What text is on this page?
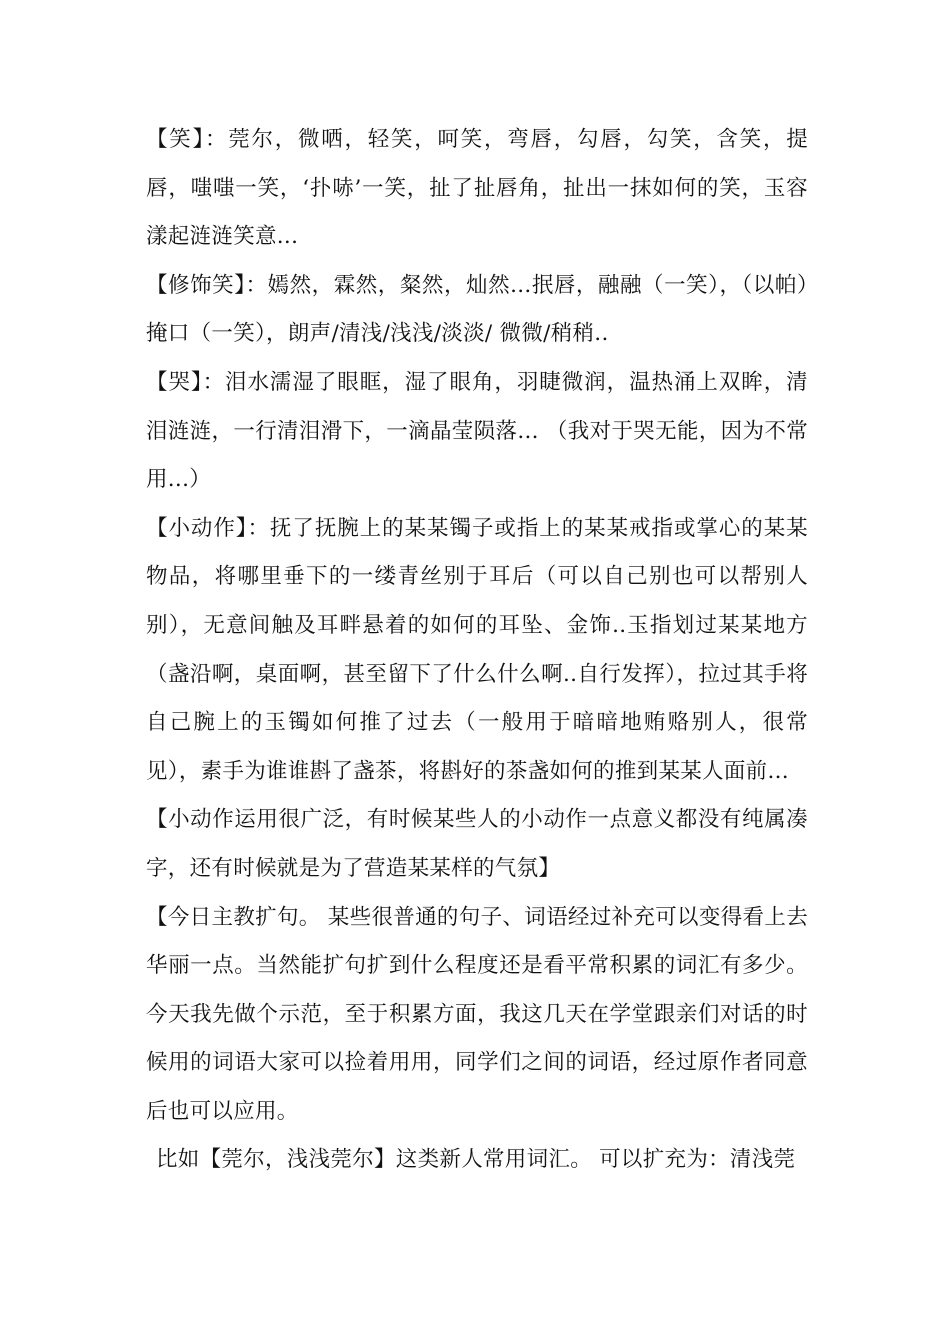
【笑】：莞尔，微哂，轻笑，呵笑，弯唇，勾唇，勾笑，含笑，提唇，嗤嗤一笑，‘扑哧’一笑，扯了扯唇角，扯出一抹如何的笑，玉容漾起涟涟笑意...

【修饰笑】：嫣然，霖然，粲然，灿然...抿唇，融融（一笑），（以帕）掩口（一笑），朗声/清浅/浅浅/淡淡/ 微微/稍稍..

【哭】：泪水濡湿了眼眶，湿了眼角，羽睫微润，温热涌上双眸，清泪涟涟，一行清泪滑下，一滴晶莹陨落... （我对于哭无能，因为不常用...）

【小动作】：抚了抚腕上的某某镯子或指上的某某戒指或掌心的某某物品，将哪里垂下的一缕青丝别于耳后（可以自己别也可以帮别人别），无意间触及耳畔悬着的如何的耳坠、金饰..玉指划过某某地方（盏沿啊，桌面啊，甚至留下了什么什么啊..自行发挥），拉过其手将自己腕上的玉镯如何推了过去（一般用于暗暗地贿赂别人，很常见），素手为谁谁斟了盏茶，将斟好的茶盏如何的推到某某人面前...

【小动作运用很广泛，有时候某些人的小动作一点意义都没有纯属凑字，还有时候就是为了营造某某样的气氛】

【今日主教扩句。 某些很普通的句子、词语经过补充可以变得看上去华丽一点。当然能扩句扩到什么程度还是看平常积累的词汇有多少。今天我先做个示范，至于积累方面，我这几天在学堂跟亲们对话的时候用的词语大家可以捡着用用，同学们之间的词语，经过原作者同意后也可以应用。

比如【莞尔，浅浅莞尔】这类新人常用词汇。 可以扩充为：清浅莞
